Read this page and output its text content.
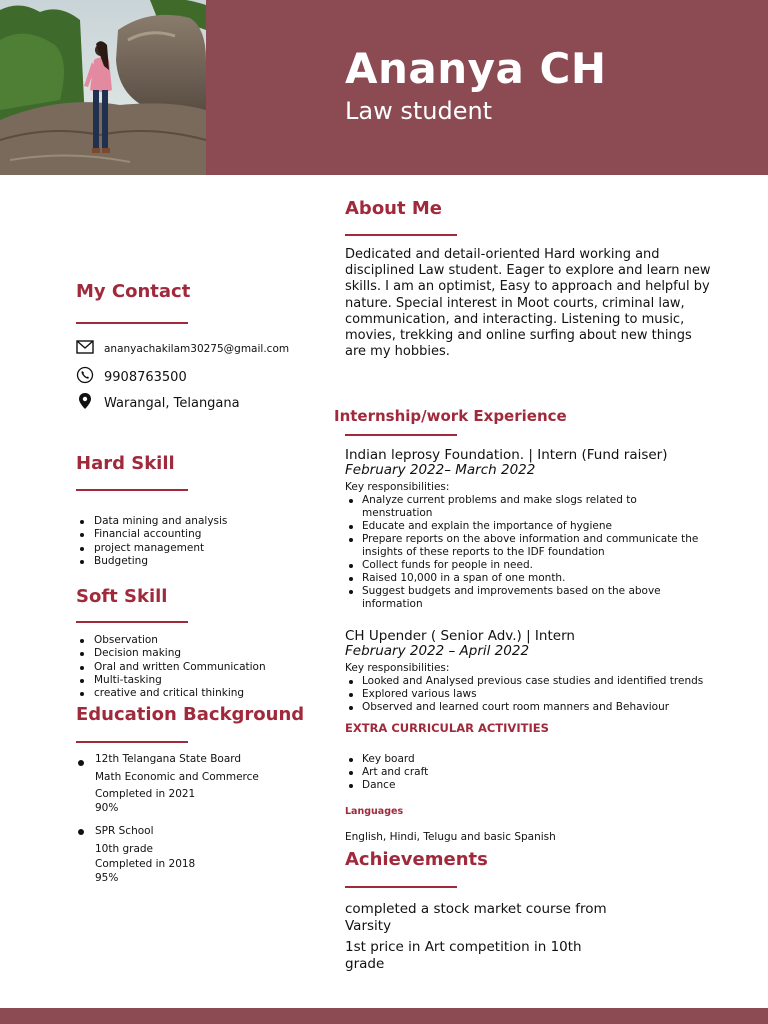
Ananya CH
Law student
About Me
Dedicated and detail-oriented Hard working and disciplined Law student. Eager to explore and learn new skills. I am an optimist, Easy to approach and helpful by nature. Special interest in Moot courts, criminal law, communication, and interacting. Listening to music, movies, trekking and online surfing about new things are my hobbies.
My Contact
ananyachakilam30275@gmail.com
9908763500
Warangal, Telangana
Hard Skill
Data mining and analysis
Financial accounting
project management
Budgeting
Soft Skill
Observation
Decision making
Oral and written Communication
Multi-tasking
creative and critical thinking
Education Background
12th Telangana State Board
Math Economic and Commerce
Completed in 2021
90%
SPR School
10th grade
Completed in 2018
95%
Internship/work Experience
Indian leprosy Foundation. | Intern (Fund raiser)
February 2022– March 2022
Key responsibilities:
Analyze current problems and make slogs related to menstruation
Educate and explain the importance of hygiene
Prepare reports on the above information and communicate the insights of these reports to the IDF foundation
Collect funds for people in need.
Raised 10,000 in a span of one month.
Suggest budgets and improvements based on the above information
CH Upender ( Senior Adv.) | Intern
February 2022 – April 2022
Key responsibilities:
Looked and Analysed previous case studies and identified trends
Explored various laws
Observed and learned court room manners and Behaviour
EXTRA CURRICULAR ACTIVITIES
Key board
Art and craft
Dance
Languages
English, Hindi, Telugu and basic Spanish
Achievements
completed a stock market course from Varsity
1st price in Art competition in 10th grade
